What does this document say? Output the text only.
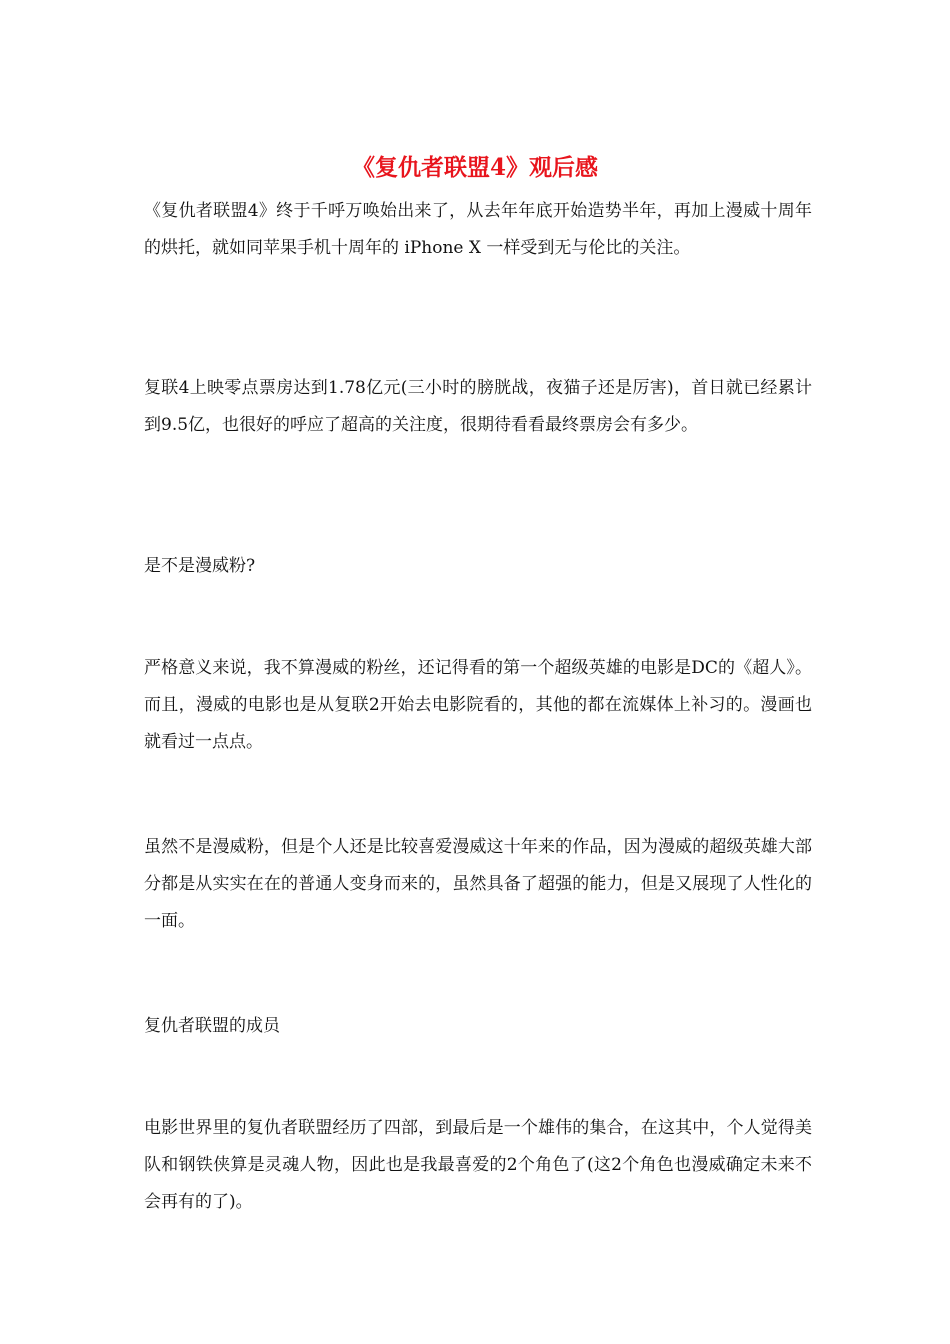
《复仇者联盟4》观后感

《复仇者联盟4》终于千呼万唤始出来了，从去年年底开始造势半年，再加上漫威十周年 的烘托，就如同苹果手机十周年的 iPhone X 一样受到无与伦比的关注。

复联4上映零点票房达到1.78亿元(三小时的膀胱战，夜猫子还是厉害)，首日就已经累计到9.5亿，也很好的呼应了超高的关注度，很期待看看最终票房会有多少。

是不是漫威粉?

严格意义来说，我不算漫威的粉丝，还记得看的第一个超级英雄的电影是DC的《超人》。而且，漫威的电影也是从复联2开始去电影院看的，其他的都在流媒体上补习的。漫画也就看过一点点。

虽然不是漫威粉，但是个人还是比较喜爱漫威这十年来的作品，因为漫威的超级英雄大部分都是从实实在在的普通人变身而来的，虽然具备了超强的能力，但是又展现了人性化的一面。

复仇者联盟的成员

电影世界里的复仇者联盟经历了四部，到最后是一个雄伟的集合，在这其中，个人觉得美队和钢铁侠算是灵魂人物，因此也是我最喜爱的2个角色了(这2个角色也漫威确定未来不会再有的了)。
